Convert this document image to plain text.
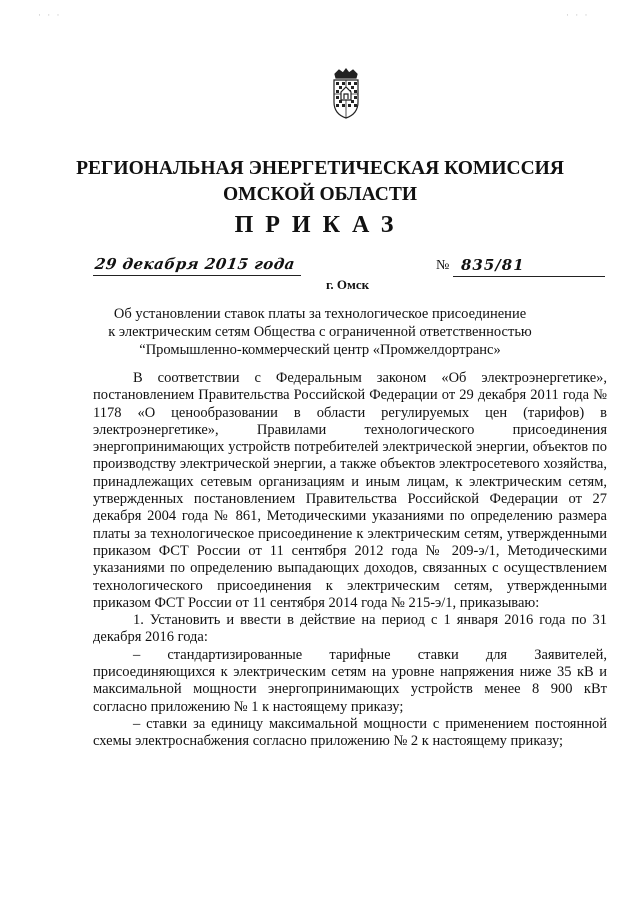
· · ·	· · ·
РЕГИОНАЛЬНАЯ ЭНЕРГЕТИЧЕСКАЯ КОМИССИЯ
ОМСКОЙ ОБЛАСТИ
ПРИКАЗ
29 декабря 2015 года
г. Омск
№ 835/81
Об установлении ставок платы за технологическое присоединение
к электрическим сетям Общества с ограниченной ответственностью
“Промышленно-коммерческий центр «Промжелдортранс»

В соответствии с Федеральным законом «Об электроэнергетике», постановлением Правительства Российской Федерации от 29 декабря 2011 года № 1178 «О ценообразовании в области регулируемых цен (тарифов) в электроэнергетике», Правилами технологического присоединения энергопринимающих устройств потребителей электрической энергии, объектов по производству электрической энергии, а также объектов электросетевого хозяйства, принадлежащих сетевым организациям и иным лицам, к электрическим сетям, утвержденных постановлением Правительства Российской Федерации от 27 декабря 2004 года № 861, Методическими указаниями по определению размера платы за технологическое присоединение к электрическим сетям, утвержденными приказом ФСТ России от 11 сентября 2012 года № 209-э/1, Методическими указаниями по определению выпадающих доходов, связанных с осуществлением технологического присоединения к электрическим сетям, утвержденными приказом ФСТ России от 11 сентября 2014 года № 215-э/1, приказываю:

1. Установить и ввести в действие на период с 1 января 2016 года по 31 декабря 2016 года:

– стандартизированные тарифные ставки для Заявителей, присоединяющихся к электрическим сетям на уровне напряжения ниже 35 кВ и максимальной мощности энергопринимающих устройств менее 8 900 кВт согласно приложению № 1 к настоящему приказу;

– ставки за единицу максимальной мощности с применением постоянной схемы электроснабжения согласно приложению № 2 к настоящему приказу;
